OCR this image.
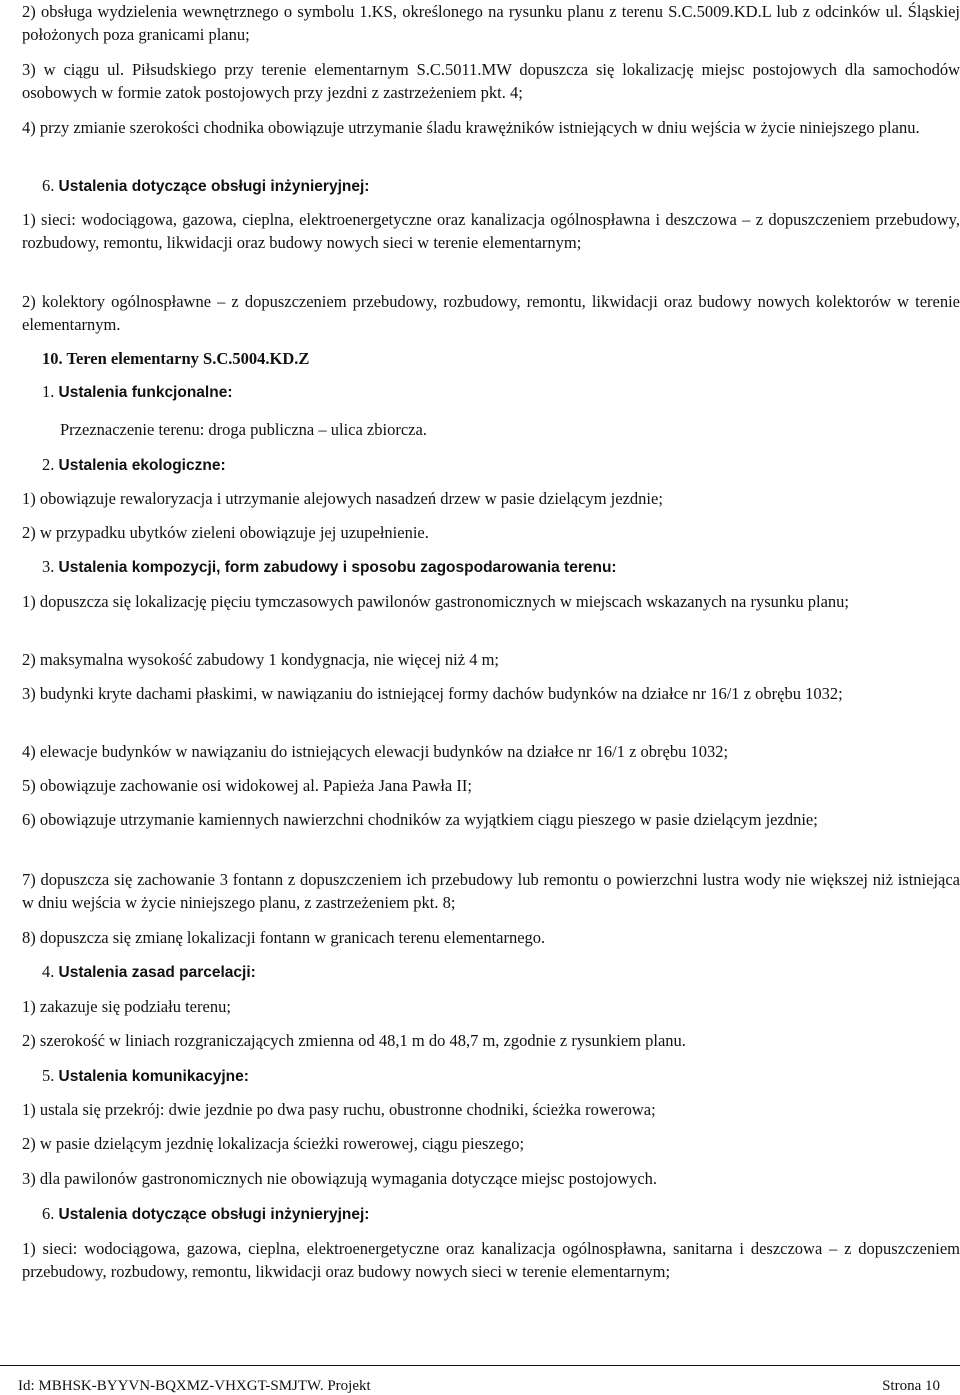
2) obsługa wydzielenia wewnętrznego o symbolu 1.KS, określonego na rysunku planu z terenu S.C.5009.KD.L lub z odcinków ul. Śląskiej położonych poza granicami planu;

3) w ciągu ul. Piłsudskiego przy terenie elementarnym S.C.5011.MW dopuszcza się lokalizację miejsc postojowych dla samochodów osobowych w formie zatok postojowych przy jezdni z zastrzeżeniem pkt. 4;

4) przy zmianie szerokości chodnika obowiązuje utrzymanie śladu krawężników istniejących w dniu wejścia w życie niniejszego planu.

6. Ustalenia dotyczące obsługi inżynieryjnej:

1) sieci: wodociągowa, gazowa, cieplna, elektroenergetyczne oraz kanalizacja ogólnospławna i deszczowa – z dopuszczeniem przebudowy, rozbudowy, remontu, likwidacji oraz budowy nowych sieci w terenie elementarnym;

2) kolektory ogólnospławne – z dopuszczeniem przebudowy, rozbudowy, remontu, likwidacji oraz budowy nowych kolektorów w terenie elementarnym.

10. Teren elementarny S.C.5004.KD.Z

1. Ustalenia funkcjonalne:

Przeznaczenie terenu: droga publiczna – ulica zbiorcza.

2. Ustalenia ekologiczne:

1) obowiązuje rewaloryzacja i utrzymanie alejowych nasadzeń drzew w pasie dzielącym jezdnie;

2) w przypadku ubytków zieleni obowiązuje jej uzupełnienie.

3. Ustalenia kompozycji, form zabudowy i sposobu zagospodarowania terenu:

1) dopuszcza się lokalizację pięciu tymczasowych pawilonów gastronomicznych w miejscach wskazanych na rysunku planu;

2) maksymalna wysokość zabudowy 1 kondygnacja, nie więcej niż 4 m;

3) budynki kryte dachami płaskimi, w nawiązaniu do istniejącej formy dachów budynków na działce nr 16/1 z obrębu 1032;

4) elewacje budynków w nawiązaniu do istniejących elewacji budynków na działce nr 16/1 z obrębu 1032;

5) obowiązuje zachowanie osi widokowej al. Papieża Jana Pawła II;

6) obowiązuje utrzymanie kamiennych nawierzchni chodników za wyjątkiem ciągu pieszego w pasie dzielącym jezdnie;

7) dopuszcza się zachowanie 3 fontann z dopuszczeniem ich przebudowy lub remontu o powierzchni lustra wody nie większej niż istniejąca w dniu wejścia w życie niniejszego planu, z zastrzeżeniem pkt. 8;

8) dopuszcza się zmianę lokalizacji fontann w granicach terenu elementarnego.

4. Ustalenia zasad parcelacji:

1) zakazuje się podziału terenu;

2) szerokość w liniach rozgraniczających zmienna od 48,1 m do 48,7 m, zgodnie z rysunkiem planu.

5. Ustalenia komunikacyjne:

1) ustala się przekrój: dwie jezdnie po dwa pasy ruchu, obustronne chodniki, ścieżka rowerowa;

2) w pasie dzielącym jezdnię lokalizacja ścieżki rowerowej, ciągu pieszego;

3) dla pawilonów gastronomicznych nie obowiązują wymagania dotyczące miejsc postojowych.

6. Ustalenia dotyczące obsługi inżynieryjnej:

1) sieci: wodociągowa, gazowa, cieplna, elektroenergetyczne oraz kanalizacja ogólnospławna, sanitarna i deszczowa – z dopuszczeniem przebudowy, rozbudowy, remontu, likwidacji oraz budowy nowych sieci w terenie elementarnym;

Id: MBHSK-BYYVN-BQXMZ-VHXGT-SMJTW. Projekt	Strona 10
